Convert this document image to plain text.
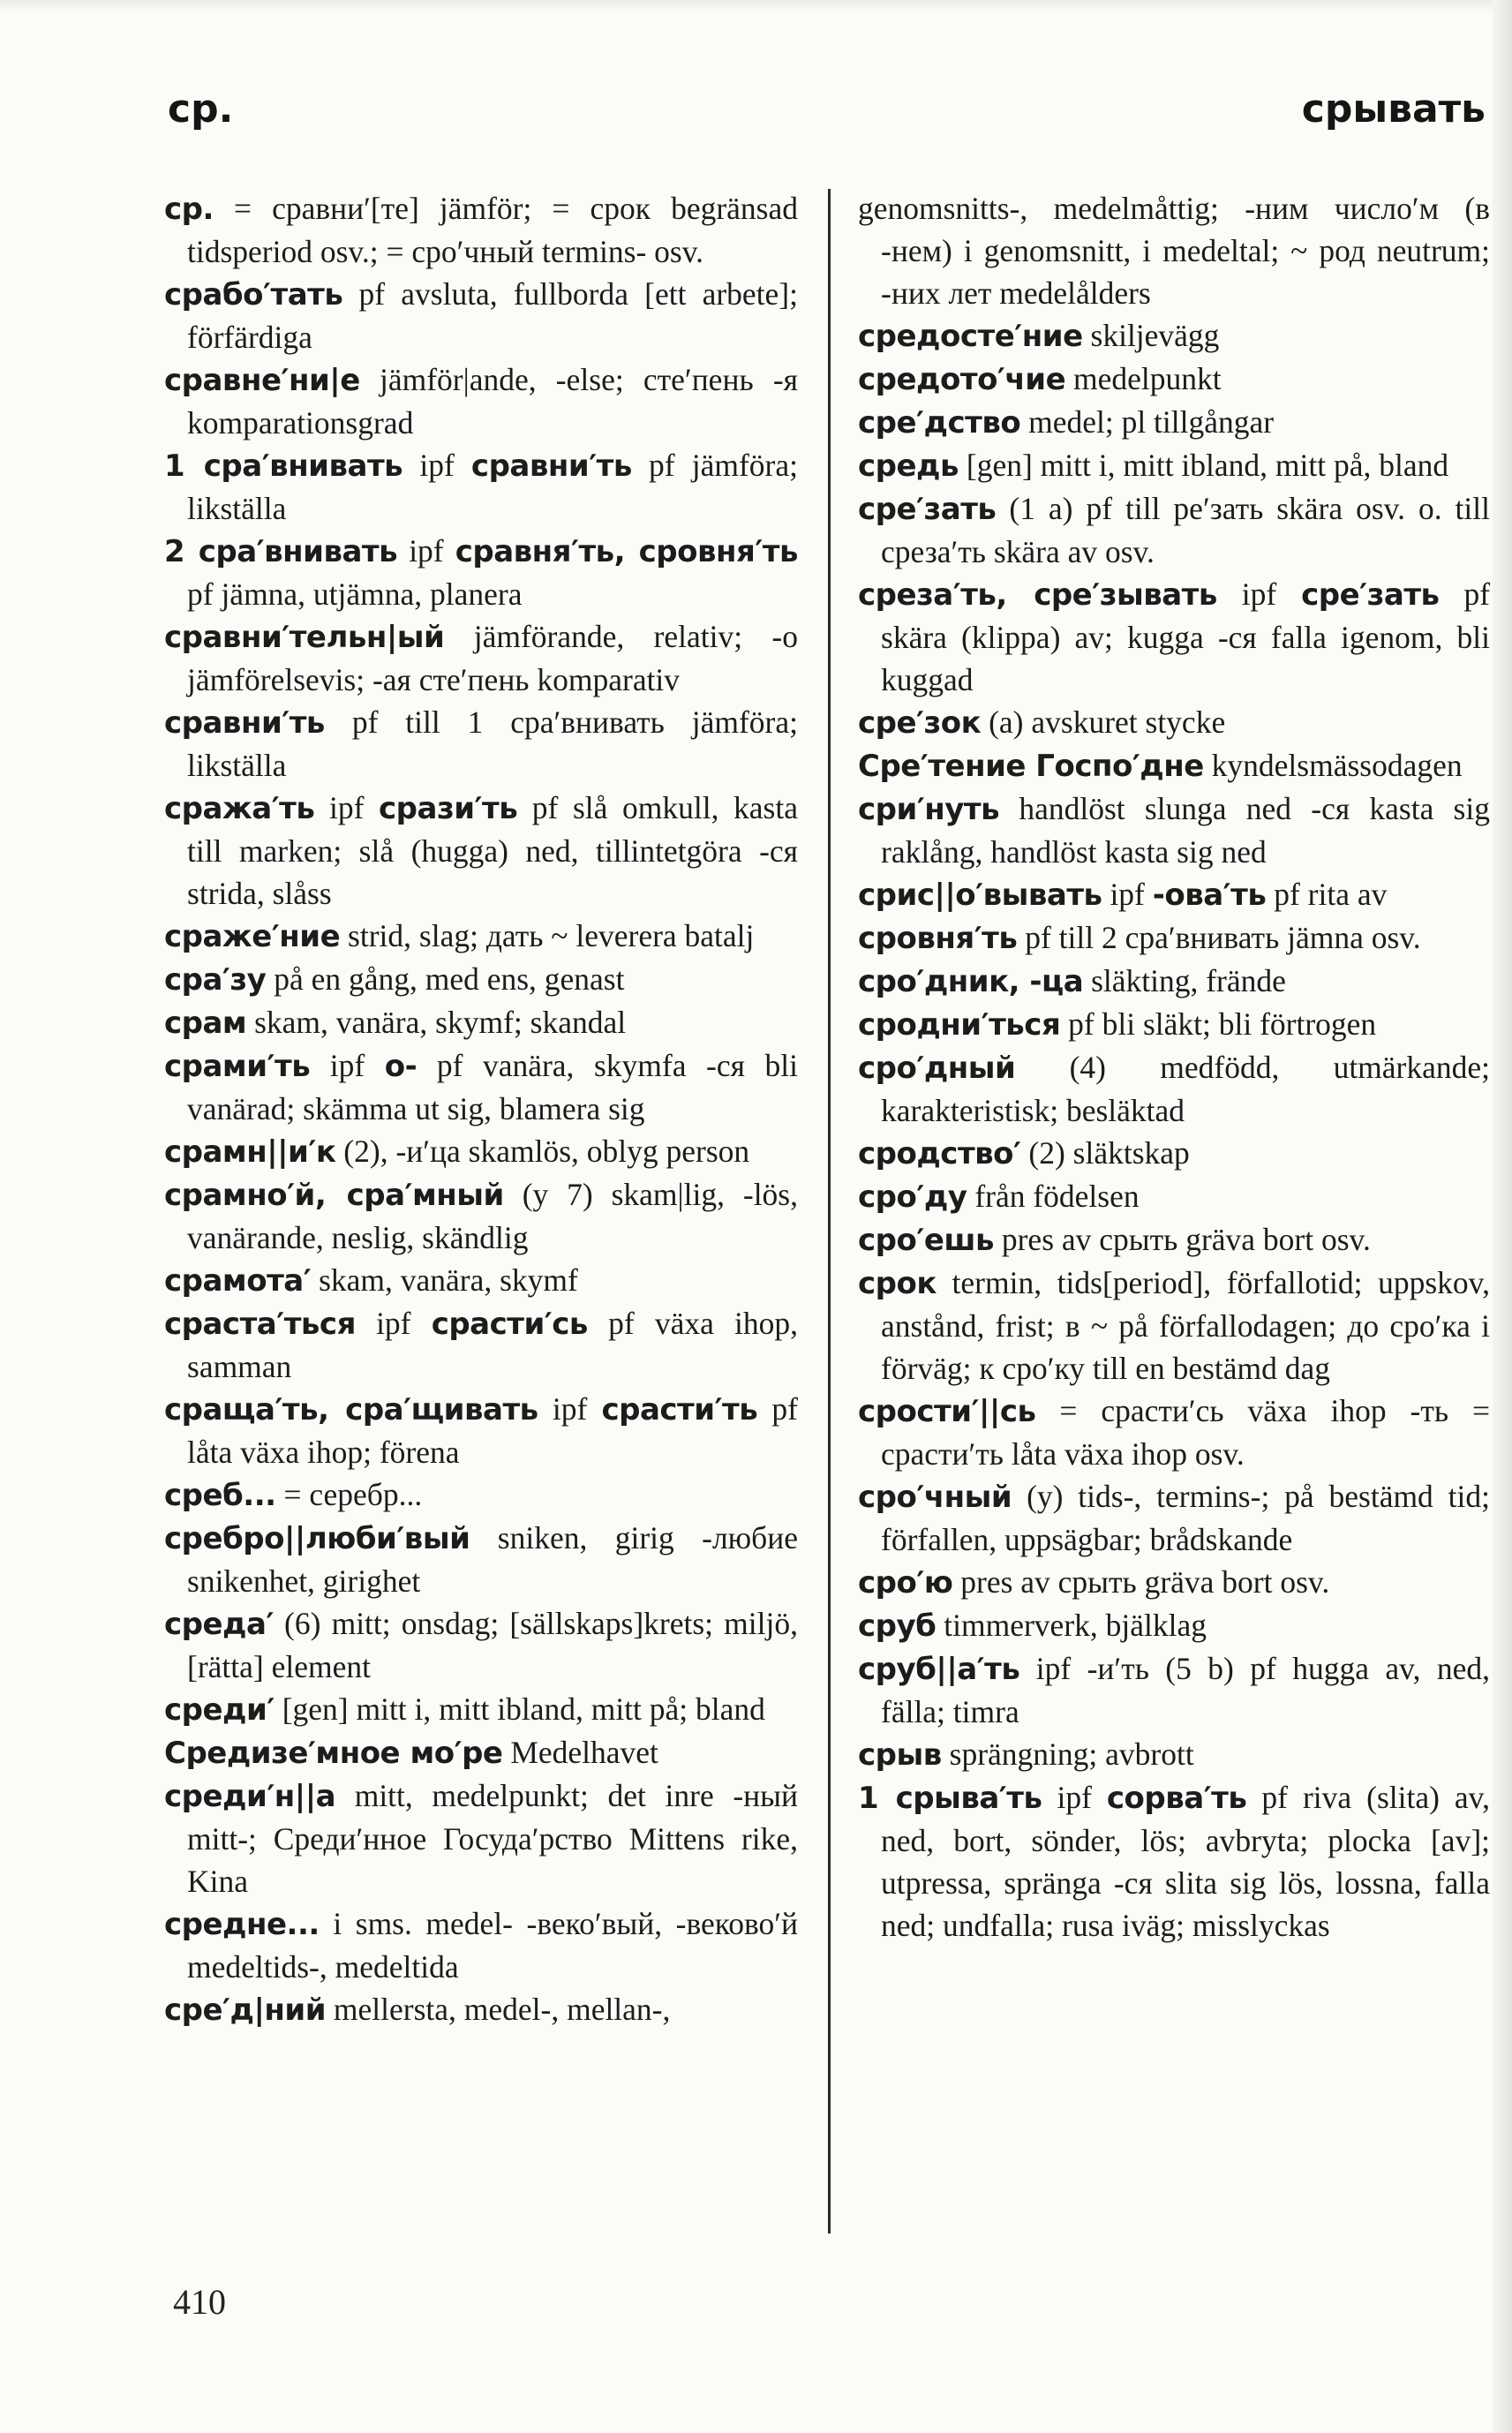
ср.	срывать

ср. = сравни′[те] jämför; = срок begränsad tidsperiod osv.; = сро′чный termins- osv.

срабо′тать pf avsluta, fullborda [ett arbete]; förfärdiga

сравне′ни|е jämför|ande, -else; сте′пень -я komparationsgrad

1 сра′внивать ipf сравни′ть pf jämföra; likställa

2 сра′внивать ipf сравня′ть, сровня′ть pf jämna, utjämna, planera

сравни′тельн|ый jämförande, relativ; -о jämförelsevis; -ая сте′пень komparativ

сравни′ть pf till 1 сра′внивать jämföra; likställa

сража′ть ipf срази′ть pf slå omkull, kasta till marken; slå (hugga) ned, tillintetgöra -ся strida, slåss

сраже′ние strid, slag; дать ~ leverera batalj

сра′зу på en gång, med ens, genast

срам skam, vanära, skymf; skandal

срами′ть ipf о- pf vanära, skymfa -ся bli vanärad; skämma ut sig, blamera sig

срамн||и′к (2), -и′ца skamlös, oblyg person

срамно′й, сра′мный (у 7) skam|lig, -lös, vanärande, neslig, skändlig

срамота′ skam, vanära, skymf

сраста′ться ipf срасти′сь pf växa ihop, samman

сраща′ть, сра′щивать ipf срасти′ть pf låta växa ihop; förena

среб... = серебр...

сребро||люби′вый sniken, girig -любие snikenhet, girighet

среда′ (6) mitt; onsdag; [sällskaps]krets; miljö, [rätta] element

среди′ [gen] mitt i, mitt ibland, mitt på; bland

Средизе′мное мо′ре Medelhavet

среди′н||а mitt, medelpunkt; det inre -ный mitt-; Среди′нное Госуда′рство Mittens rike, Kina

средне... i sms. medel- -веко′вый, -веково′й medeltids-, medeltida

сре′д|ний mellersta, medel-, mellan-,

genomsnitts-, medelmåttig; -ним число′м (в -нем) i genomsnitt, i medeltal; ~ род neutrum; -них лет medelålders

средосте′ние skiljevägg

средото′чие medelpunkt

сре′дство medel; pl tillgångar

средь [gen] mitt i, mitt ibland, mitt på, bland

сре′зать (1 a) pf till ре′зать skära osv. o. till среза′ть skära av osv.

среза′ть, сре′зывать ipf сре′зать pf skära (klippa) av; kugga -ся falla igenom, bli kuggad

сре′зок (a) avskuret stycke

Сре′тение Госпо′дне kyndelsmässodagen

сри′нуть handlöst slunga ned -ся kasta sig raklång, handlöst kasta sig ned

срис||о′вывать ipf -ова′ть pf rita av

сровня′ть pf till 2 сра′внивать jämna osv.

сро′дник, -ца släkting, frände

сродни′ться pf bli släkt; bli förtrogen

сро′дный (4) medfödd, utmärkande; karakteristisk; besläktad

сродство′ (2) släktskap

сро′ду från födelsen

сро′ешь pres av срыть gräva bort osv.

срок termin, tids[period], förfallotid; uppskov, anstånd, frist; в ~ på förfallodagen; до сро′ка i förväg; к сро′ку till en bestämd dag

срости′||сь = срасти′сь växa ihop -ть = срасти′ть låta växa ihop osv.

сро′чный (у) tids-, termins-; på bestämd tid; förfallen, uppsägbar; brådskande

сро′ю pres av срыть gräva bort osv.

сруб timmerverk, bjälklag

сруб||а′ть ipf -и′ть (5 b) pf hugga av, ned, fälla; timra

срыв sprängning; avbrott

1 срыва′ть ipf сорва′ть pf riva (slita) av, ned, bort, sönder, lös; avbryta; plocka [av]; utpressa, spränga -ся slita sig lös, lossna, falla ned; undfalla; rusa iväg; misslyckas

410
